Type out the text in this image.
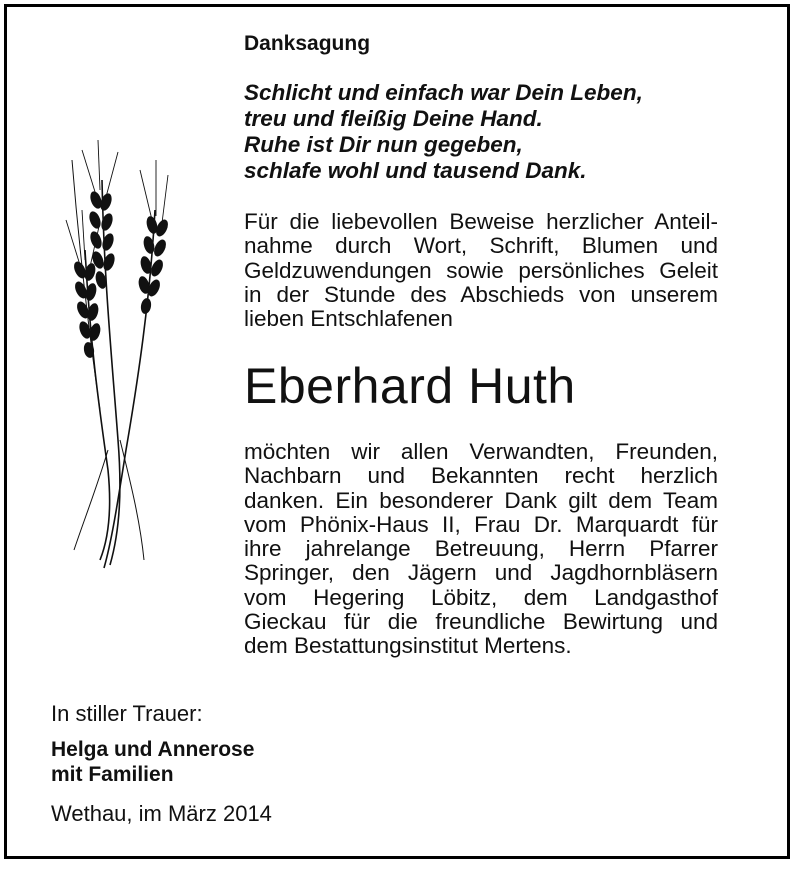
Danksagung
Schlicht und einfach war Dein Leben,
treu und fleißig Deine Hand.
Ruhe ist Dir nun gegeben,
schlafe wohl und tausend Dank.
Für die liebevollen Beweise herzlicher Anteil-
nahme durch Wort, Schrift, Blumen und
Geldzuwendungen sowie persönliches Geleit
in der Stunde des Abschieds von unserem
lieben Entschlafenen
Eberhard Huth
möchten wir allen Verwandten, Freunden,
Nachbarn und Bekannten recht herzlich
danken. Ein besonderer Dank gilt dem Team
vom Phönix-Haus II, Frau Dr. Marquardt für
ihre jahrelange Betreuung, Herrn Pfarrer
Springer, den Jägern und Jagdhornbläsern
vom Hegering Löbitz, dem Landgasthof
Gieckau für die freundliche Bewirtung und
dem Bestattungsinstitut Mertens.
In stiller Trauer:
Helga und Annerose
mit Familien
Wethau, im März 2014
